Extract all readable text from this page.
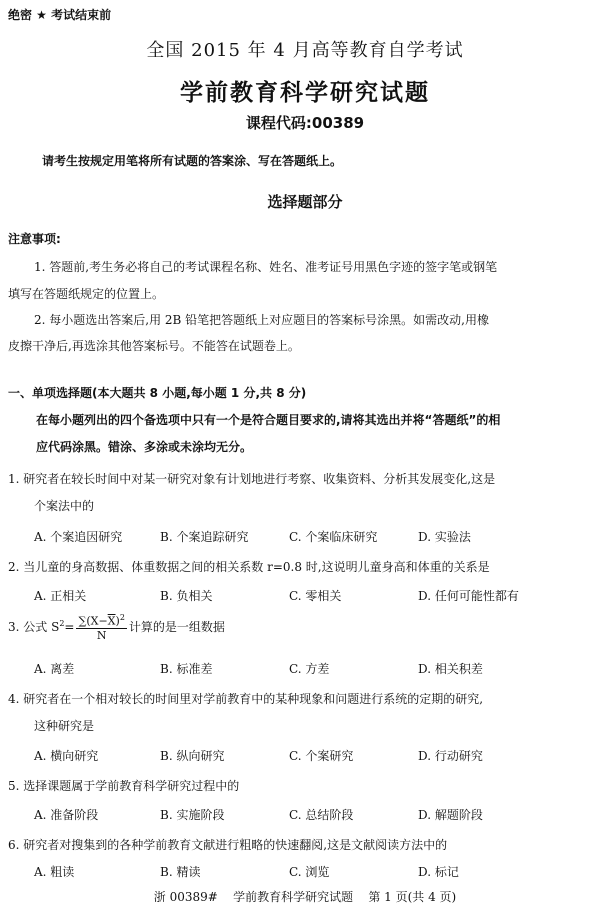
绝密 ★ 考试结束前
全国 2015 年 4 月高等教育自学考试
学前教育科学研究试题
课程代码:00389
请考生按规定用笔将所有试题的答案涂、写在答题纸上。
选择题部分
注意事项:
1. 答题前,考生务必将自己的考试课程名称、姓名、准考证号用黑色字迹的签字笔或钢笔
填写在答题纸规定的位置上。
2. 每小题选出答案后,用 2B 铅笔把答题纸上对应题目的答案标号涂黑。如需改动,用橡
皮擦干净后,再选涂其他答案标号。不能答在试题卷上。
一、单项选择题(本大题共 8 小题,每小题 1 分,共 8 分)
在每小题列出的四个备选项中只有一个是符合题目要求的,请将其选出并将“答题纸”的相
应代码涂黑。错涂、多涂或未涂均无分。
1. 研究者在较长时间中对某一研究对象有计划地进行考察、收集资料、分析其发展变化,这是
个案法中的
A. 个案追因研究	B. 个案追踪研究	C. 个案临床研究	D. 实验法
2. 当儿童的身高数据、体重数据之间的相关系数 r=0.8 时,这说明儿童身高和体重的关系是
A. 正相关	B. 负相关	C. 零相关	D. 任何可能性都有
3. 公式 $S^2= \frac{\sum(X-\overline{X})^2}{N}$ 计算的是一组数据
A. 离差	B. 标准差	C. 方差	D. 相关积差
4. 研究者在一个相对较长的时间里对学前教育中的某种现象和问题进行系统的定期的研究,
这种研究是
A. 横向研究	B. 纵向研究	C. 个案研究	D. 行动研究
5. 选择课题属于学前教育科学研究过程中的
A. 准备阶段	B. 实施阶段	C. 总结阶段	D. 解题阶段
6. 研究者对搜集到的各种学前教育文献进行粗略的快速翻阅,这是文献阅读方法中的
A. 粗读	B. 精读	C. 浏览	D. 标记
浙 00389#    学前教育科学研究试题    第 1 页(共 4 页)
